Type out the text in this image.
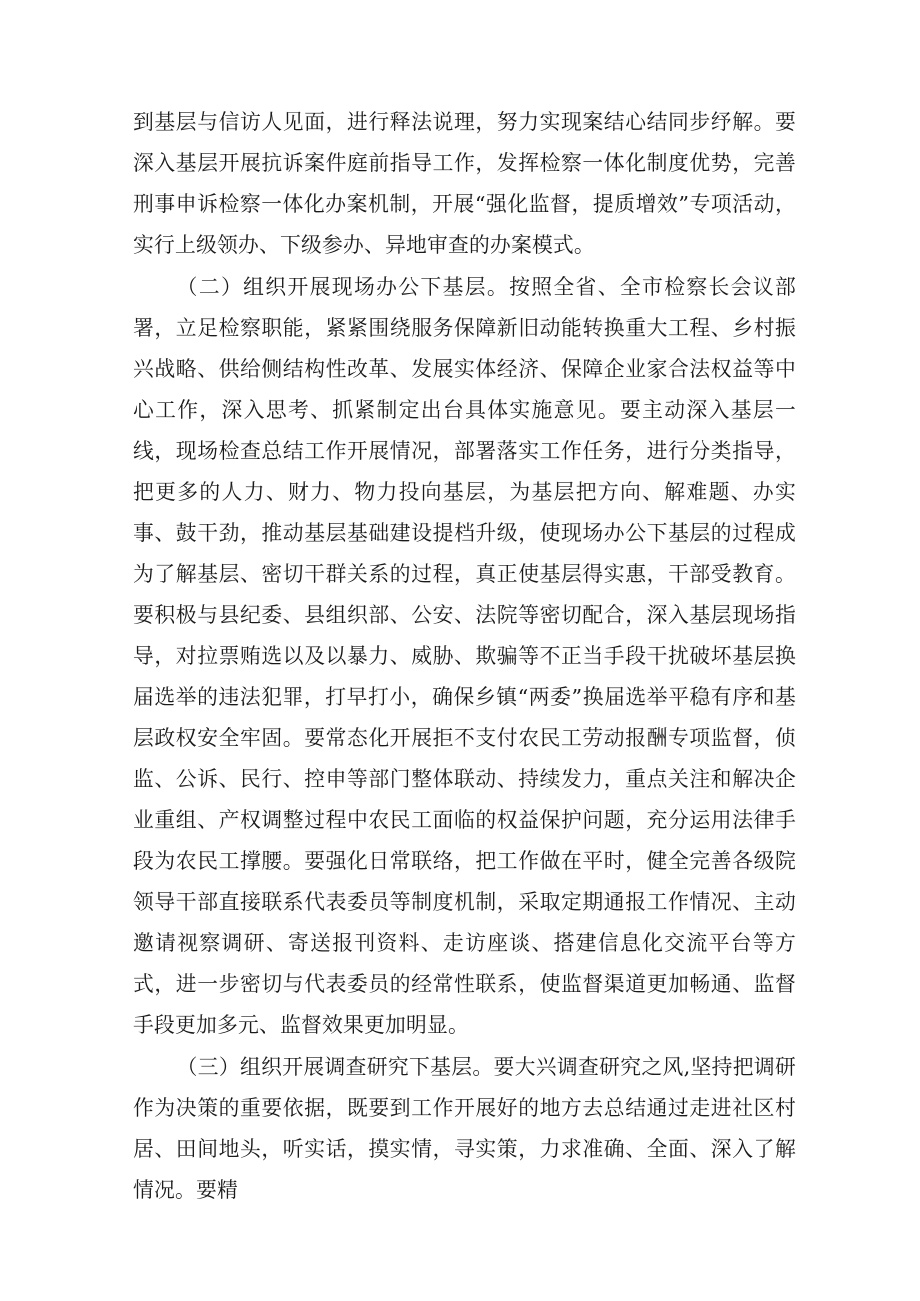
到基层与信访人见面，进行释法说理，努力实现案结心结同步纾解。要深入基层开展抗诉案件庭前指导工作，发挥检察一体化制度优势，完善刑事申诉检察一体化办案机制，开展“强化监督，提质增效”专项活动，实行上级领办、下级参办、异地审查的办案模式。

（二）组织开展现场办公下基层。按照全省、全市检察长会议部署，立足检察职能，紧紧围绕服务保障新旧动能转换重大工程、乡村振兴战略、供给侧结构性改革、发展实体经济、保障企业家合法权益等中心工作，深入思考、抓紧制定出台具体实施意见。要主动深入基层一线，现场检查总结工作开展情况，部署落实工作任务，进行分类指导，把更多的人力、财力、物力投向基层，为基层把方向、解难题、办实事、鼓干劲，推动基层基础建设提档升级，使现场办公下基层的过程成为了解基层、密切干群关系的过程，真正使基层得实惠，干部受教育。要积极与县纪委、县组织部、公安、法院等密切配合，深入基层现场指导，对拉票贿选以及以暴力、威胁、欺骗等不正当手段干扰破坏基层换届选举的违法犯罪，打早打小，确保乡镇“两委”换届选举平稳有序和基层政权安全牢固。要常态化开展拒不支付农民工劳动报酬专项监督，侦监、公诉、民行、控申等部门整体联动、持续发力，重点关注和解决企业重组、产权调整过程中农民工面临的权益保护问题，充分运用法律手段为农民工撑腰。要强化日常联络，把工作做在平时，健全完善各级院领导干部直接联系代表委员等制度机制，采取定期通报工作情况、主动邀请视察调研、寄送报刊资料、走访座谈、搭建信息化交流平台等方式，进一步密切与代表委员的经常性联系，使监督渠道更加畅通、监督手段更加多元、监督效果更加明显。

（三）组织开展调查研究下基层。要大兴调查研究之风,坚持把调研作为决策的重要依据，既要到工作开展好的地方去总结通过走进社区村居、田间地头，听实话，摸实情，寻实策，力求准确、全面、深入了解情况。要精
